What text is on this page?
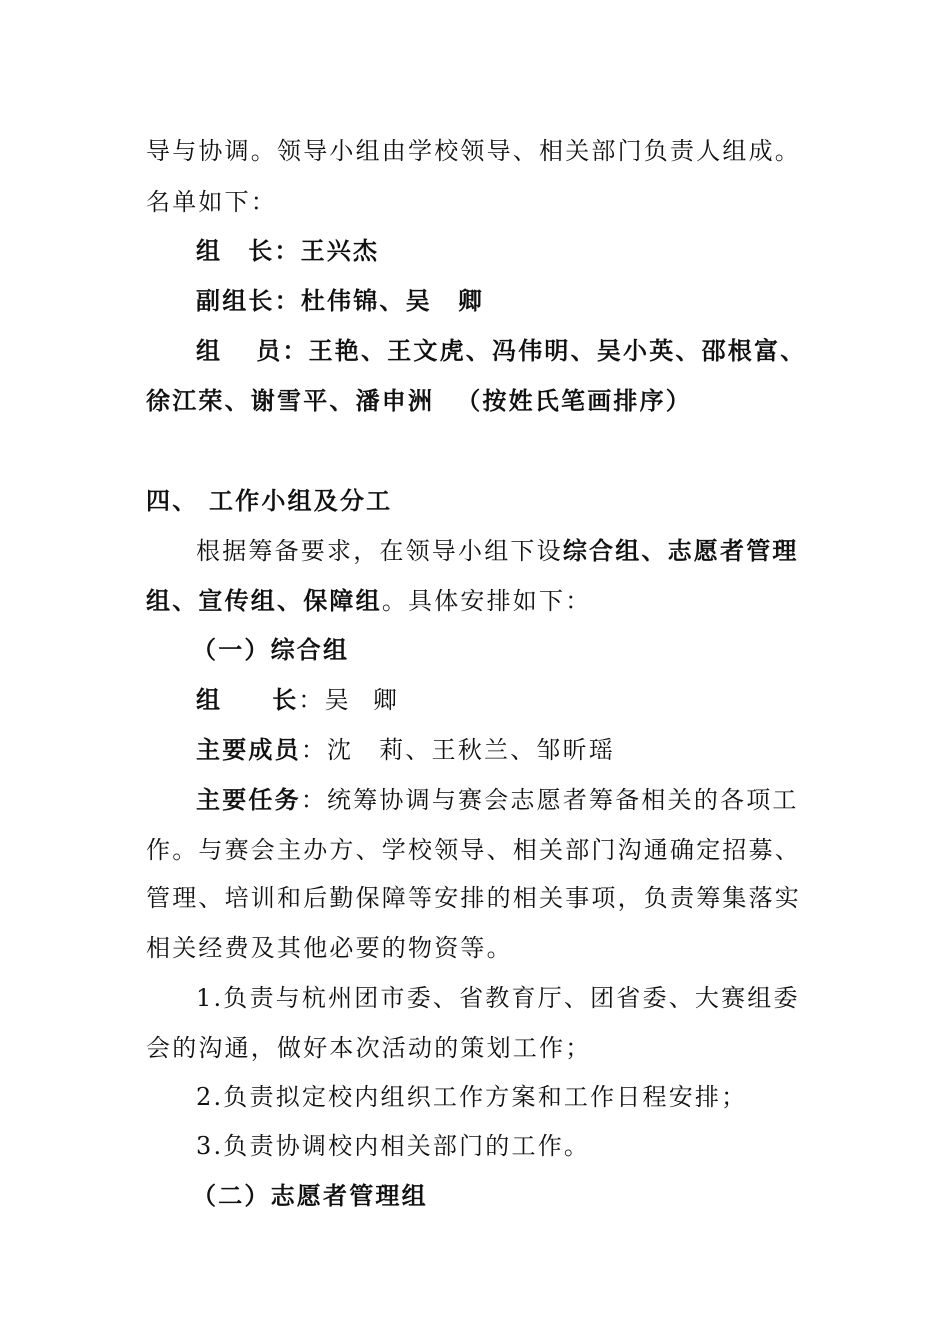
导与协调。领导小组由学校领导、相关部门负责人组成。
名单如下：
组 长：王兴杰
副组长：杜伟锦、吴 卿
组 员：王艳、王文虎、冯伟明、吴小英、邵根富、
徐江荣、谢雪平、潘申洲 （按姓氏笔画排序）
四、 工作小组及分工
根据筹备要求，在领导小组下设综合组、志愿者管理
组、宣传组、保障组。具体安排如下：
（一）综合组
组 长：吴 卿
主要成员：沈 莉、王秋兰、邹昕瑶
主要任务：统筹协调与赛会志愿者筹备相关的各项工
作。与赛会主办方、学校领导、相关部门沟通确定招募、
管理、培训和后勤保障等安排的相关事项，负责筹集落实
相关经费及其他必要的物资等。
1.负责与杭州团市委、省教育厅、团省委、大赛组委
会的沟通，做好本次活动的策划工作；
2.负责拟定校内组织工作方案和工作日程安排；
3.负责协调校内相关部门的工作。
（二）志愿者管理组
